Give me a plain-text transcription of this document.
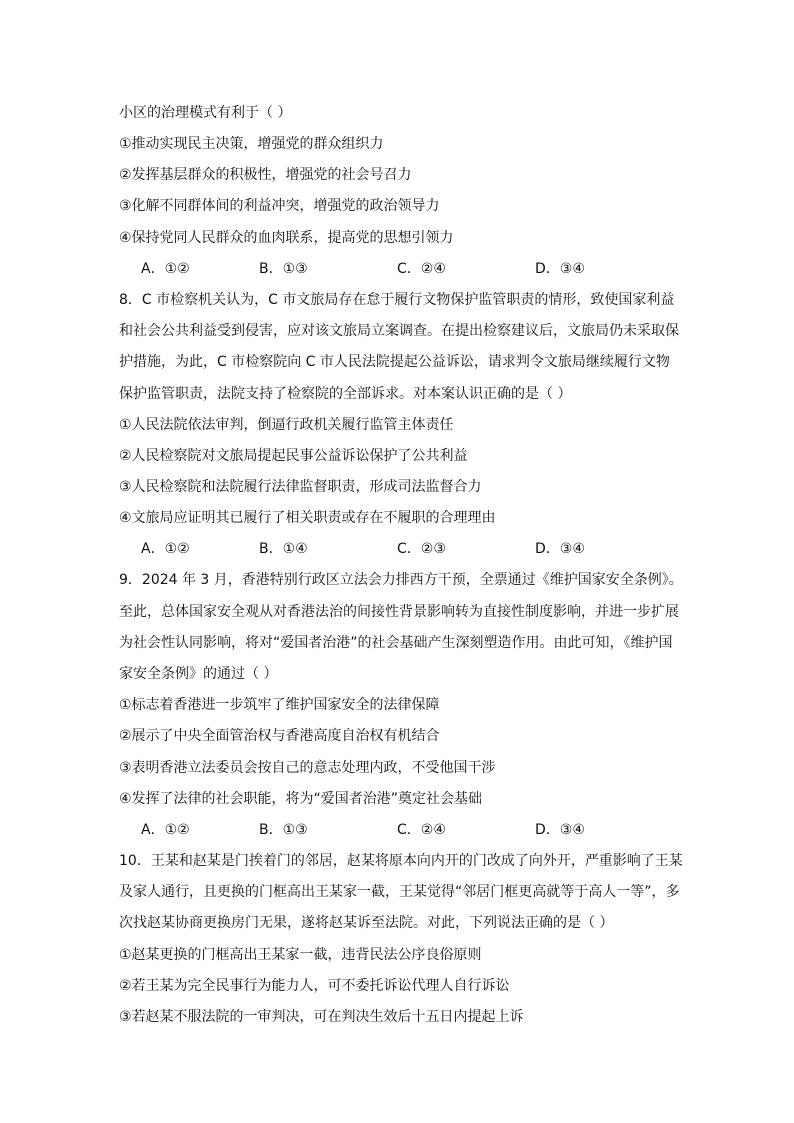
小区的治理模式有利于（ ）
①推动实现民主决策，增强党的群众组织力
②发挥基层群众的积极性，增强党的社会号召力
③化解不同群体间的利益冲突，增强党的政治领导力
④保持党同人民群众的血肉联系，提高党的思想引领力
A．①②	B．①③	C．②④	D．③④
8．C 市检察机关认为，C 市文旅局存在怠于履行文物保护监管职责的情形，致使国家利益
和社会公共利益受到侵害，应对该文旅局立案调查。在提出检察建议后，文旅局仍未采取保
护措施，为此，C 市检察院向 C 市人民法院提起公益诉讼，请求判令文旅局继续履行文物
保护监管职责，法院支持了检察院的全部诉求。对本案认识正确的是（ ）
①人民法院依法审判，倒逼行政机关履行监管主体责任
②人民检察院对文旅局提起民事公益诉讼保护了公共利益
③人民检察院和法院履行法律监督职责，形成司法监督合力
④文旅局应证明其已履行了相关职责或存在不履职的合理理由
A．①②	B．①④	C．②③	D．③④
9．2024 年 3 月，香港特别行政区立法会力排西方干预，全票通过《维护国家安全条例》。
至此，总体国家安全观从对香港法治的间接性背景影响转为直接性制度影响，并进一步扩展
为社会性认同影响，将对“爱国者治港”的社会基础产生深刻塑造作用。由此可知，《维护国
家安全条例》的通过（ ）
①标志着香港进一步筑牢了维护国家安全的法律保障
②展示了中央全面管治权与香港高度自治权有机结合
③表明香港立法委员会按自己的意志处理内政，不受他国干涉
④发挥了法律的社会职能，将为“爱国者治港”奠定社会基础
A．①②	B．①③	C．②④	D．③④
10．王某和赵某是门挨着门的邻居，赵某将原本向内开的门改成了向外开，严重影响了王某
及家人通行，且更换的门框高出王某家一截，王某觉得“邻居门框更高就等于高人一等”，多
次找赵某协商更换房门无果，遂将赵某诉至法院。对此，下列说法正确的是（ ）
①赵某更换的门框高出王某家一截，违背民法公序良俗原则
②若王某为完全民事行为能力人，可不委托诉讼代理人自行诉讼
③若赵某不服法院的一审判决，可在判决生效后十五日内提起上诉
